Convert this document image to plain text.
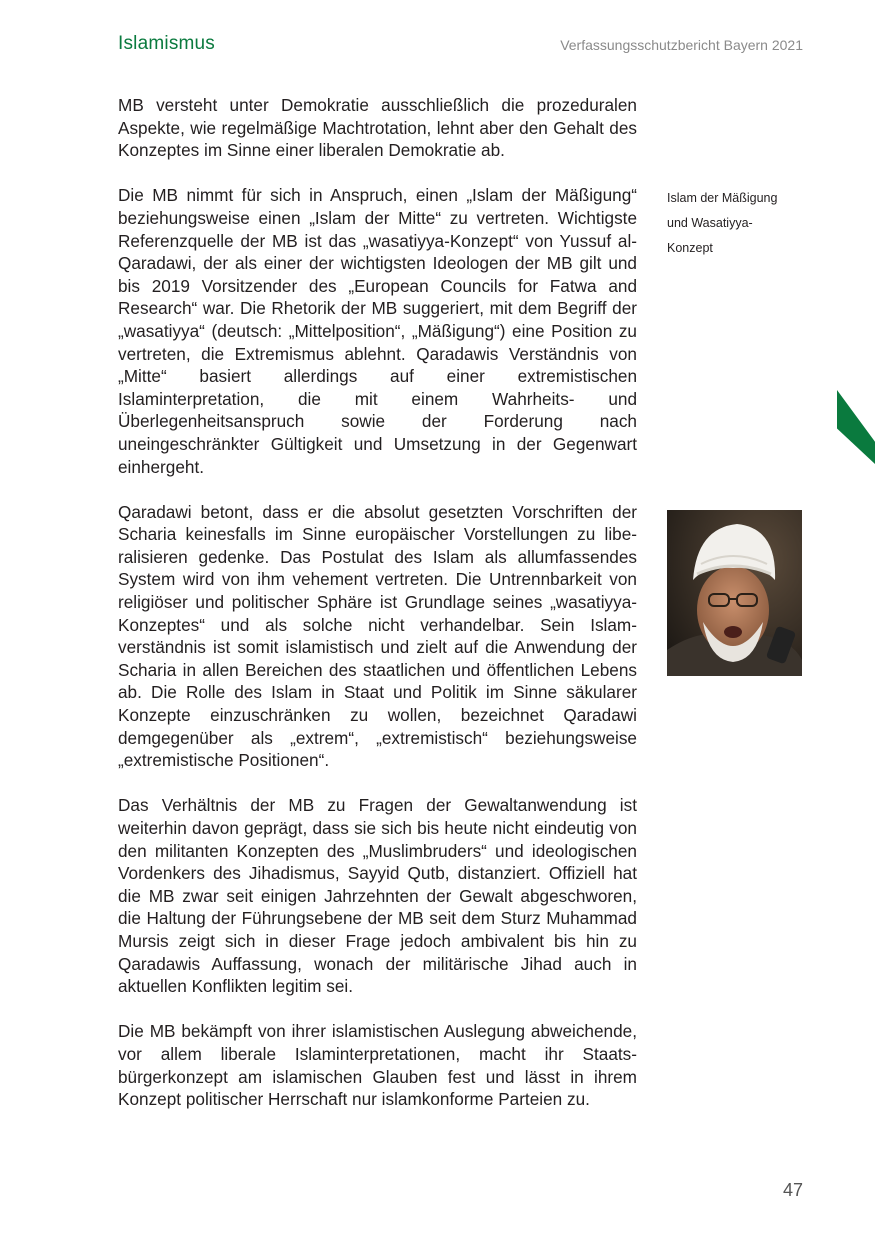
Islamismus	Verfassungsschutzbericht Bayern 2021

MB versteht unter Demokratie ausschließlich die prozeduralen Aspekte, wie regelmäßige Machtrotation, lehnt aber den Gehalt des Konzeptes im Sinne einer liberalen Demokratie ab.

Die MB nimmt für sich in Anspruch, einen „Islam der Mäßigung“ beziehungsweise einen „Islam der Mitte“ zu vertreten. Wichtigste Referenzquelle der MB ist das „wasatiyya-Konzept“ von Yussuf al-Qaradawi, der als einer der wichtigsten Ideologen der MB gilt und bis 2019 Vorsitzender des „European Councils for Fatwa and Research“ war. Die Rhetorik der MB suggeriert, mit dem Begriff der „wasatiyya“ (deutsch: „Mittelposition“, „Mäßigung“) eine Position zu vertreten, die Extremismus ablehnt. Qaradawis Verständnis von „Mitte“ basiert allerdings auf einer extremistischen Islaminterpretation, die mit einem Wahrheits- und Überlegenheitsanspruch sowie der Forderung nach uneingeschränkter Gültigkeit und Umsetzung in der Gegenwart einhergeht.

Qaradawi betont, dass er die absolut gesetzten Vorschriften der Scharia keinesfalls im Sinne europäischer Vorstellungen zu liberalisieren gedenke. Das Postulat des Islam als allumfassendes System wird von ihm vehement vertreten. Die Untrennbarkeit von religiöser und politischer Sphäre ist Grundlage seines „wasatiyya-Konzeptes“ und als solche nicht verhandelbar. Sein Islamverständnis ist somit islamistisch und zielt auf die Anwendung der Scharia in allen Bereichen des staatlichen und öffentlichen Lebens ab. Die Rolle des Islam in Staat und Politik im Sinne säkularer Konzepte einzuschränken zu wollen, bezeichnet Qaradawi demgegenüber als „extrem“, „extremistisch“ beziehungsweise „extremistische Positionen“.

Das Verhältnis der MB zu Fragen der Gewaltanwendung ist weiterhin davon geprägt, dass sie sich bis heute nicht eindeutig von den militanten Konzepten des „Muslimbruders“ und ideologischen Vordenkers des Jihadismus, Sayyid Qutb, distanziert. Offiziell hat die MB zwar seit einigen Jahrzehnten der Gewalt abgeschworen, die Haltung der Führungsebene der MB seit dem Sturz Muhammad Mursis zeigt sich in dieser Frage jedoch ambivalent bis hin zu Qaradawis Auffassung, wonach der militärische Jihad auch in aktuellen Konflikten legitim sei.

Die MB bekämpft von ihrer islamistischen Auslegung abweichende, vor allem liberale Islaminterpretationen, macht ihr Staatsbürgerkonzept am islamischen Glauben fest und lässt in ihrem Konzept politischer Herrschaft nur islamkonforme Parteien zu.

Islam der Mäßigung
und Wasatiyya-
Konzept
47
